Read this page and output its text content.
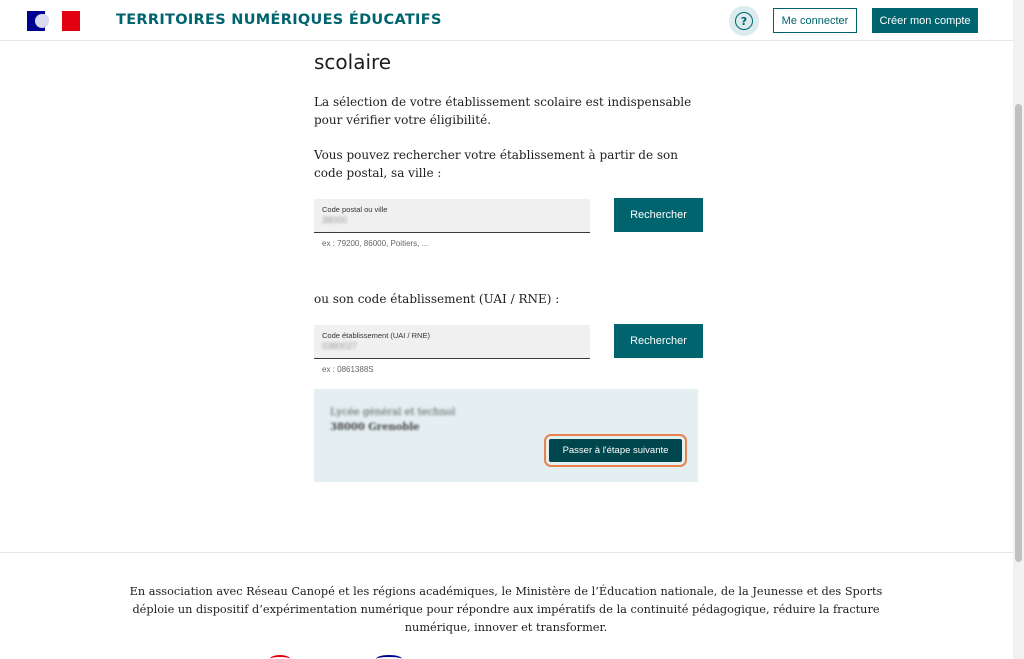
TERRITOIRES NUMÉRIQUES ÉDUCATIFS	?	Me connecter	Créer mon compte
scolaire

La sélection de votre établissement scolaire est indispensable pour vérifier votre éligibilité.

Vous pouvez rechercher votre établissement à partir de son code postal, sa ville :

Code postal ou ville
38000
ex : 79200, 86000, Poitiers, ...
Rechercher

ou son code établissement (UAI / RNE) :

Code établissement (UAI / RNE)
0380027
ex : 0861388S
Rechercher
Lycée général et technol
38000 Grenoble
Passer à l'étape suivante

En association avec Réseau Canopé et les régions académiques, le Ministère de l’Éducation nationale, de la Jeunesse et des Sports déploie un dispositif d’expérimentation numérique pour répondre aux impératifs de la continuité pédagogique, réduire la fracture numérique, innover et transformer.
